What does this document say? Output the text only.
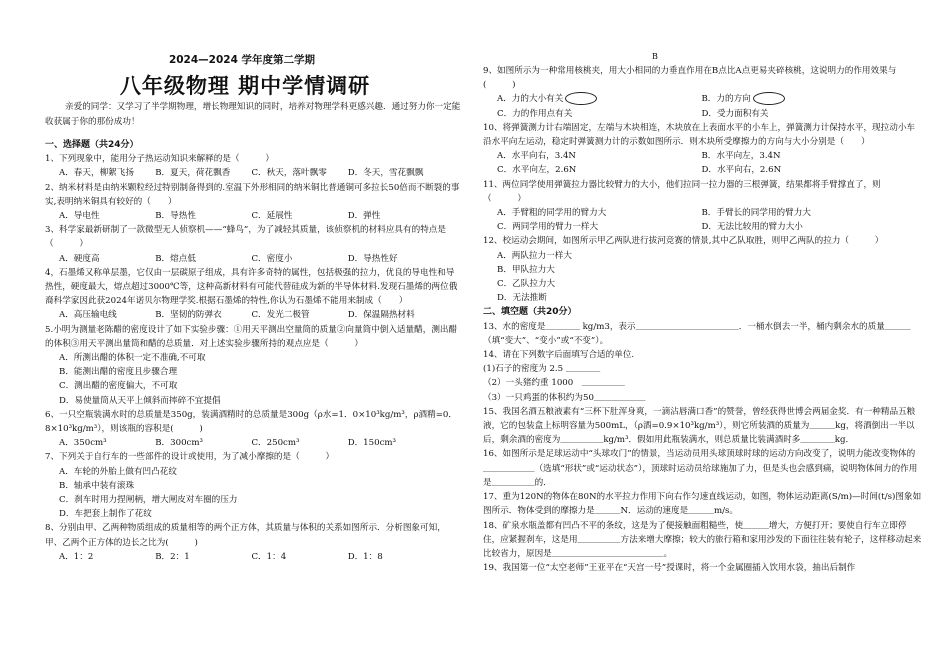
2024—2024 学年度第二学期
八年级物理 期中学情调研
亲爱的同学：又学习了半学期物理，增长物理知识的同时，培养对物理学科更感兴趣．通过努力你一定能收获属于你的那份成功！
一、选择题（共24分）

1、下列现象中，能用分子热运动知识来解释的是（　　　）

A．春天，柳絮飞扬	B．夏天，荷花飘香	C．秋天，落叶飘零	D．冬天，雪花飘飘

2、纳米材料是由纳米颗粒经过特别制备得到的.室温下外形相同的纳米铜比普通铜可多拉长50倍而不断裂的事实,表明纳米铜具有较好的（　　）

A．导电性	B．导热性	C．延展性	D．弹性

3、科学家最新研制了一款微型无人侦察机——“蜂鸟”，为了减轻其质量，该侦察机的材料应具有的特点是（　　　）

A．硬度高	B．熔点低	C．密度小	D．导热性好

4，石墨烯又称单层墨，它仅由一层碳原子组成，具有许多奇特的属性，包括极强的拉力，优良的导电性和导热性，硬度最大，熔点超过3000℃等，这种高新材料有可能代替硅成为新的半导体材料.发现石墨烯的两位俄裔科学家因此获2024年诺贝尔物理学奖.根据石墨烯的特性,你认为石墨烯不能用来制成（　　）

A．高压输电线	B．坚韧的防弹衣	C．发光二极管	D．保温隔热材料

5.小明为测量老陈醋的密度设计了如下实验步骤：①用天平测出空量筒的质量②向量筒中倒入适量醋，测出醋的体积③用天平测出量筒和醋的总质量．对上述实验步骤所持的观点应是（　　　）

A．所测出醋的体积一定不准确,不可取
B．能测出醋的密度且步骤合理
C．测出醋的密度偏大，不可取
D．易使量筒从天平上倾斜而摔碎不宜提倡

6、一只空瓶装满水时的总质量是350g，装满酒精时的总质量是300g（ρ水=1．0×10³kg/m³，ρ酒精=0．8×10³kg/m³），则该瓶的容积是(　　　)

A．350cm³	B．300cm³	C．250cm³	D．150cm³

7、下列关于自行车的一些部件的设计或使用，为了减小摩擦的是（　　　）

A．车轮的外胎上做有凹凸花纹
B．轴承中装有滚珠
C．刹车时用力捏闸柄，增大闸皮对车圈的压力
D．车把套上制作了花纹

8、分别由甲、乙两种物质组成的质量相等的两个正方体，其质量与体积的关系如图所示．分析图象可知，甲、乙两个正方体的边长之比为(　　　)

A．1：2	B．2：1	C．1：4	D．1：8
B

9、如图所示为一种常用核桃夹，用大小相同的力垂直作用在B点比A点更易夹碎核桃，这说明力的作用效果与(　　　)

A．力的大小有关	B．力的方向
C．力的作用点有关	D．受力面积有关

10、将弹簧测力计右端固定，左端与木块相连，木块放在上表面水平的小车上，弹簧测力计保持水平，现拉动小车沿水平向左运动，稳定时弹簧测力计的示数如图所示．则木块所受摩擦力的方向与大小分别是（　　）

A．水平向右，3.4N	B．水平向左，3.4N
C．水平向左，2.6N	D．水平向右，2.6N

11、两位同学使用弹簧拉力器比较臂力的大小，他们拉同一拉力器的三根弹簧，结果都将手臂撑直了，则　（　　　）

A．手臂粗的同学用的臂力大	B．手臂长的同学用的臂力大
C．两同学用的臂力一样大	D．无法比较用的臂力大小

12、校运动会期间，如图所示甲乙两队进行拔河竞赛的情景,其中乙队取胜，则甲乙两队的拉力（　　　）

A．两队拉力一样大
B．甲队拉力大
C．乙队拉力大
D．无法推断
二、填空题（共20分）

13、水的密度是＿＿＿＿ kg/m3，表示＿＿＿＿＿＿＿＿＿＿＿＿．一桶水倒去一半，桶内剩余水的质量＿＿＿（填“变大”、“变小”或“不变”）。

14、请在下列数字后面填写合适的单位.

(1)石子的密度为 2.5 ＿＿＿＿

（2）一头猪约重 1000　＿＿＿＿＿

（3）一只鸡蛋的体积约为50＿＿＿＿＿＿

15、我国名酒五粮液素有“三杯下肚浑身爽，一滴沾唇满口香”的赞誉，曾经获得世博会两届金奖．有一种精品五粮液，它的包装盒上标明容量为500mL，（ρ酒=0.9×10³kg/m³），则它所装酒的质量为＿＿＿kg，将酒倒出一半以后，剩余酒的密度为＿＿＿＿＿kg/m³．假如用此瓶装满水，则总质量比装满酒时多＿＿＿＿kg．

16、如图所示是足球运动中“头球攻门”的情景，当运动员用头球顶球时球的运动方向改变了，说明力能改变物体的＿＿＿＿＿＿（选填“形状”或“运动状态”），顶球时运动员给球施加了力，但是头也会感到痛，说明物体间力的作用是＿＿＿＿＿的．

17、重为120N的物体在80N的水平拉力作用下向右作匀速直线运动，如图，物体运动距离(S/m)—时间(t/s)图象如图所示．物体受到的摩擦力是＿＿＿N．运动的速度是＿＿＿m/s。

18、矿泉水瓶盖都有凹凸不平的条纹，这是为了便接触面粗糙些，使＿＿＿增大，方便打开；要使自行车立即停住，应紧握刹车，这是用＿＿＿＿＿方法来增大摩擦；较大的旅行箱和家用沙发的下面往往装有轮子，这样移动起来比较省力，原因是＿＿＿＿＿＿＿＿＿＿＿＿＿。

19、我国第一位“太空老师”王亚平在“天宫一号”授课时，将一个金属圈插入饮用水袋，抽出后制作
